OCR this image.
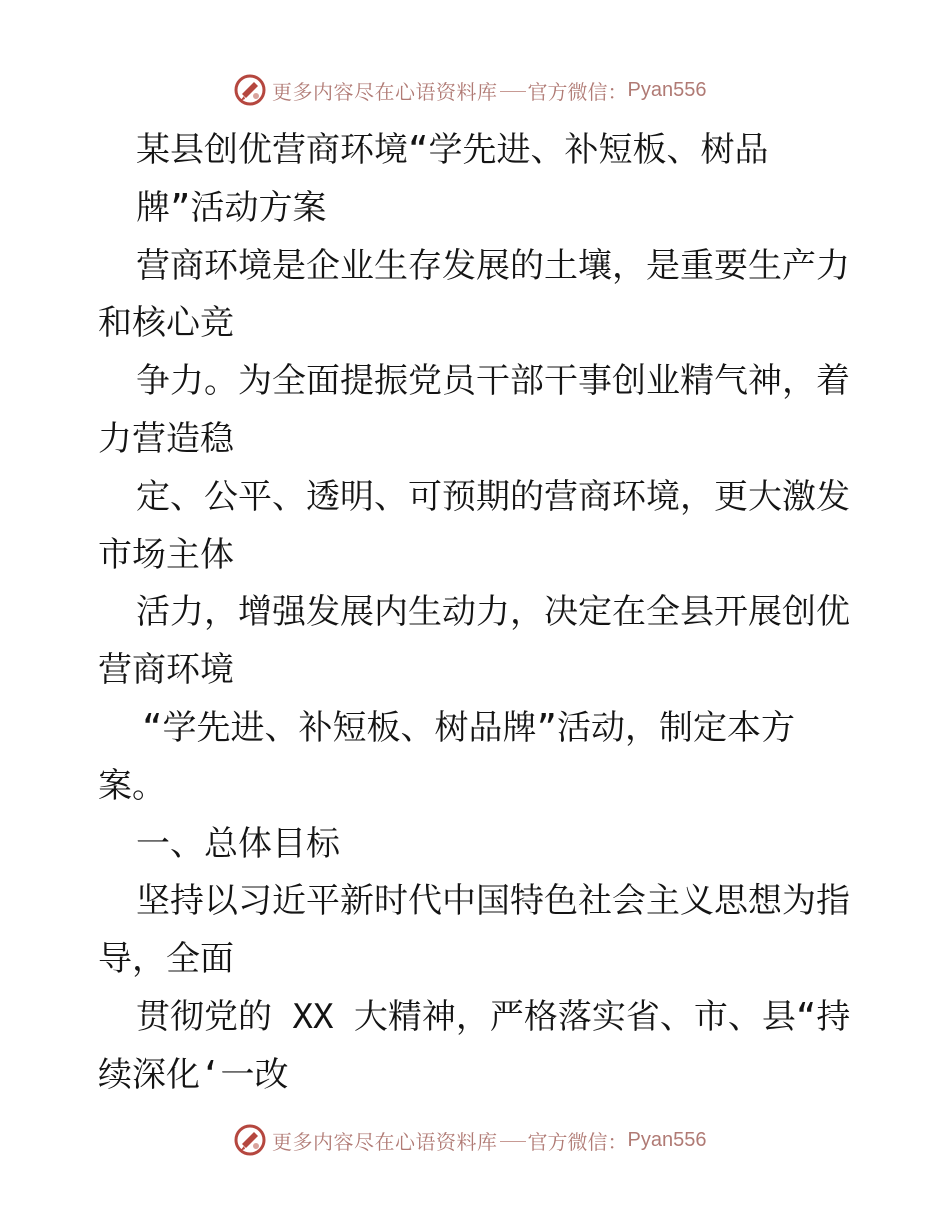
更多内容尽在心语资料库 官方微信： Pyan556
某县创优营商环境“学先进、补短板、树品
牌”活动方案
营商环境是企业生存发展的土壤，是重要生产力
和核心竞
争力。为全面提振党员干部干事创业精气神，着
力营造稳
定、公平、透明、可预期的营商环境，更大激发
市场主体
活力，增强发展内生动力，决定在全县开展创优
营商环境
“学先进、补短板、树品牌”活动，制定本方
案。
一、总体目标
坚持以习近平新时代中国特色社会主义思想为指
导，全面
贯彻党的 XX 大精神，严格落实省、市、县“持
续深化‘一改
更多内容尽在心语资料库 官方微信： Pyan556
